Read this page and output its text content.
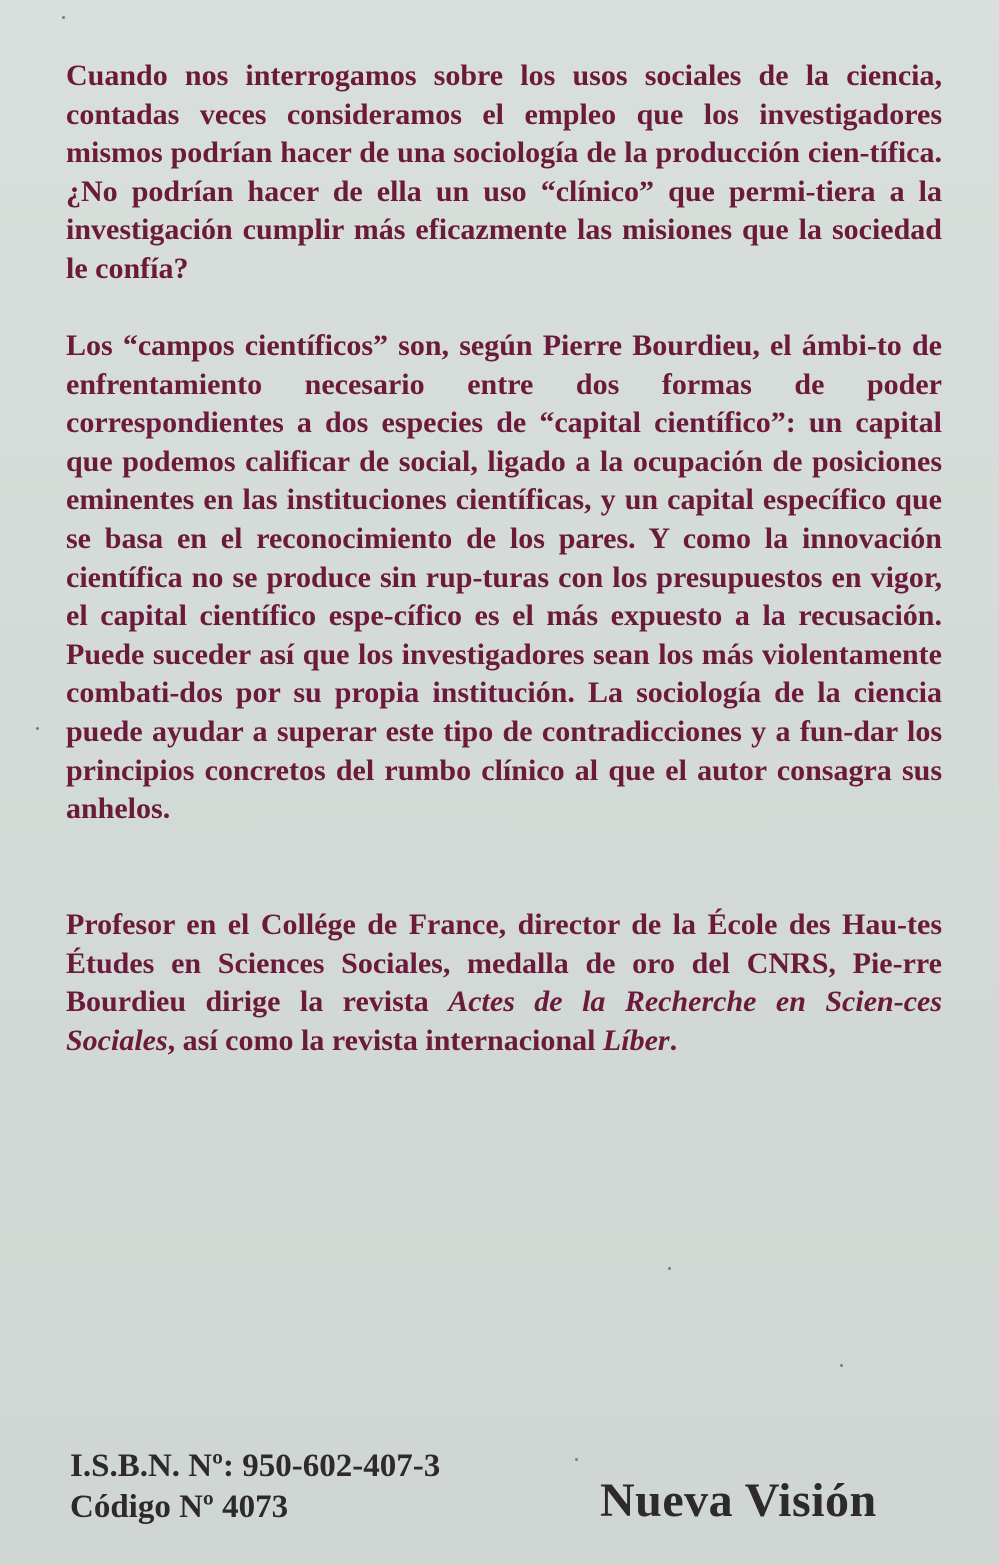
Cuando nos interrogamos sobre los usos sociales de la ciencia, contadas veces consideramos el empleo que los investigadores mismos podrían hacer de una sociología de la producción cien-tífica. ¿No podrían hacer de ella un uso “clínico” que permi-tiera a la investigación cumplir más eficazmente las misiones que la sociedad le confía?

Los “campos científicos” son, según Pierre Bourdieu, el ámbi-to de enfrentamiento necesario entre dos formas de poder correspondientes a dos especies de “capital científico”: un capital que podemos calificar de social, ligado a la ocupación de posiciones eminentes en las instituciones científicas, y un capital específico que se basa en el reconocimiento de los pares. Y como la innovación científica no se produce sin rup-turas con los presupuestos en vigor, el capital científico espe-cífico es el más expuesto a la recusación. Puede suceder así que los investigadores sean los más violentamente combati-dos por su propia institución. La sociología de la ciencia puede ayudar a superar este tipo de contradicciones y a fun-dar los principios concretos del rumbo clínico al que el autor consagra sus anhelos.

Profesor en el Collége de France, director de la École des Hau-tes Études en Sciences Sociales, medalla de oro del CNRS, Pie-rre Bourdieu dirige la revista Actes de la Recherche en Scien-ces Sociales, así como la revista internacional Líber.

I.S.B.N. Nº: 950-602-407-3
Código Nº 4073	Nueva Visión
